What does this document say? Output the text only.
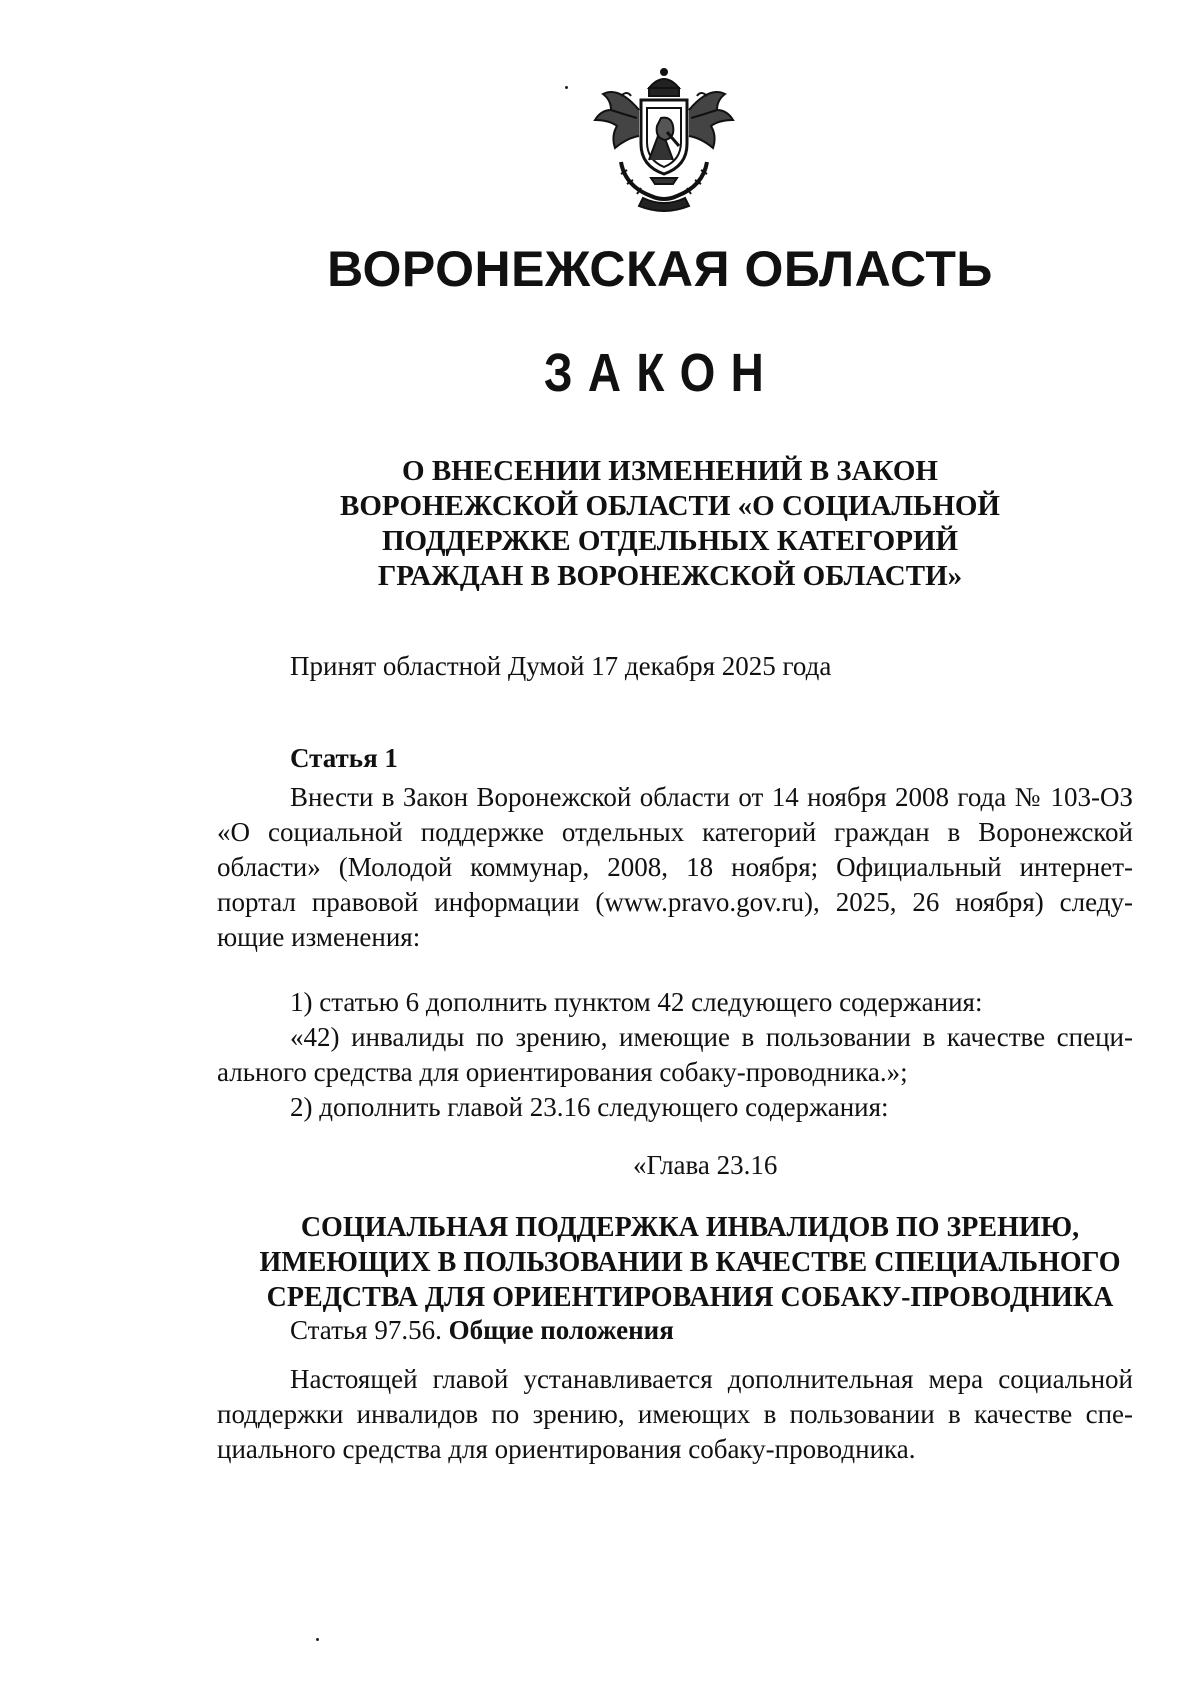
ВОРОНЕЖСКАЯ ОБЛАСТЬ
ЗАКОН
О ВНЕСЕНИИ ИЗМЕНЕНИЙ В ЗАКОН
ВОРОНЕЖСКОЙ ОБЛАСТИ «О СОЦИАЛЬНОЙ
ПОДДЕРЖКЕ ОТДЕЛЬНЫХ КАТЕГОРИЙ
ГРАЖДАН В ВОРОНЕЖСКОЙ ОБЛАСТИ»
Принят областной Думой 17 декабря 2025 года
Статья 1
Внести в Закон Воронежской области от 14 ноября 2008 года № 103-ОЗ
«О социальной поддержке отдельных категорий граждан в Воронежской
области» (Молодой коммунар, 2008, 18 ноября; Официальный интернет-
портал правовой информации (www.pravo.gov.ru), 2025, 26 ноября) следу-
ющие изменения:
1) статью 6 дополнить пунктом 42 следующего содержания:
«42) инвалиды по зрению, имеющие в пользовании в качестве специ-
ального средства для ориентирования собаку-проводника.»;
2) дополнить главой 23.16 следующего содержания:
«Глава 23.16
СОЦИАЛЬНАЯ ПОДДЕРЖКА ИНВАЛИДОВ ПО ЗРЕНИЮ,
ИМЕЮЩИХ В ПОЛЬЗОВАНИИ В КАЧЕСТВЕ СПЕЦИАЛЬНОГО
СРЕДСТВА ДЛЯ ОРИЕНТИРОВАНИЯ СОБАКУ-ПРОВОДНИКА
Статья 97.56. Общие положения
Настоящей главой устанавливается дополнительная мера социальной
поддержки инвалидов по зрению, имеющих в пользовании в качестве спе-
циального средства для ориентирования собаку-проводника.
